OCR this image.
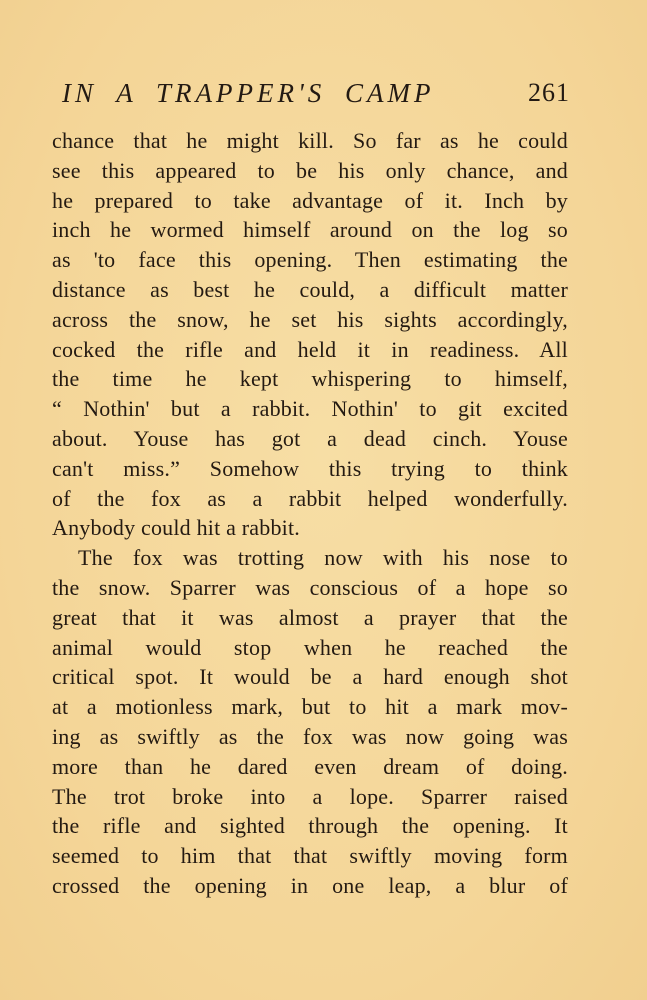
IN A TRAPPER'S CAMP	261
chance that he might kill. So far as he could
see this appeared to be his only chance, and
he prepared to take advantage of it. Inch by
inch he wormed himself around on the log so
as 'to face this opening. Then estimating the
distance as best he could, a difficult matter
across the snow, he set his sights accordingly,
cocked the rifle and held it in readiness. All
the time he kept whispering to himself,
“ Nothin' but a rabbit. Nothin' to git excited
about. Youse has got a dead cinch. Youse
can't miss.” Somehow this trying to think
of the fox as a rabbit helped wonderfully.
Anybody could hit a rabbit.
The fox was trotting now with his nose to
the snow. Sparrer was conscious of a hope so
great that it was almost a prayer that the
animal would stop when he reached the
critical spot. It would be a hard enough shot
at a motionless mark, but to hit a mark mov-
ing as swiftly as the fox was now going was
more than he dared even dream of doing.
The trot broke into a lope. Sparrer raised
the rifle and sighted through the opening. It
seemed to him that that swiftly moving form
crossed the opening in one leap, a blur of
